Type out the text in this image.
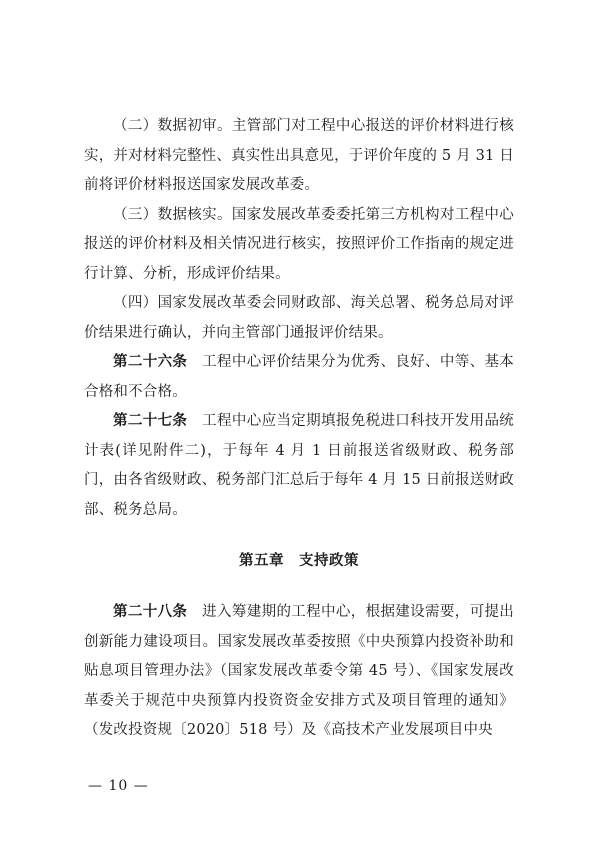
（二）数据初审。主管部门对工程中心报送的评价材料进行核实，并对材料完整性、真实性出具意见，于评价年度的 5 月 31 日前将评价材料报送国家发展改革委。

（三）数据核实。国家发展改革委委托第三方机构对工程中心报送的评价材料及相关情况进行核实，按照评价工作指南的规定进行计算、分析，形成评价结果。

（四）国家发展改革委会同财政部、海关总署、税务总局对评价结果进行确认，并向主管部门通报评价结果。

第二十六条　 工程中心评价结果分为优秀、良好、中等、基本合格和不合格。

第二十七条　 工程中心应当定期填报免税进口科技开发用品统计表(详见附件二)，于每年 4 月 1 日前报送省级财政、税务部门，由各省级财政、税务部门汇总后于每年 4 月 15 日前报送财政部、税务总局。

第五章　支持政策

第二十八条　 进入筹建期的工程中心，根据建设需要，可提出创新能力建设项目。国家发展改革委按照《中央预算内投资补助和贴息项目管理办法》（国家发展改革委令第 45 号）、《国家发展改革委关于规范中央预算内投资资金安排方式及项目管理的通知》（发改投资规〔2020〕518 号）及《高技术产业发展项目中央

— 10 —
